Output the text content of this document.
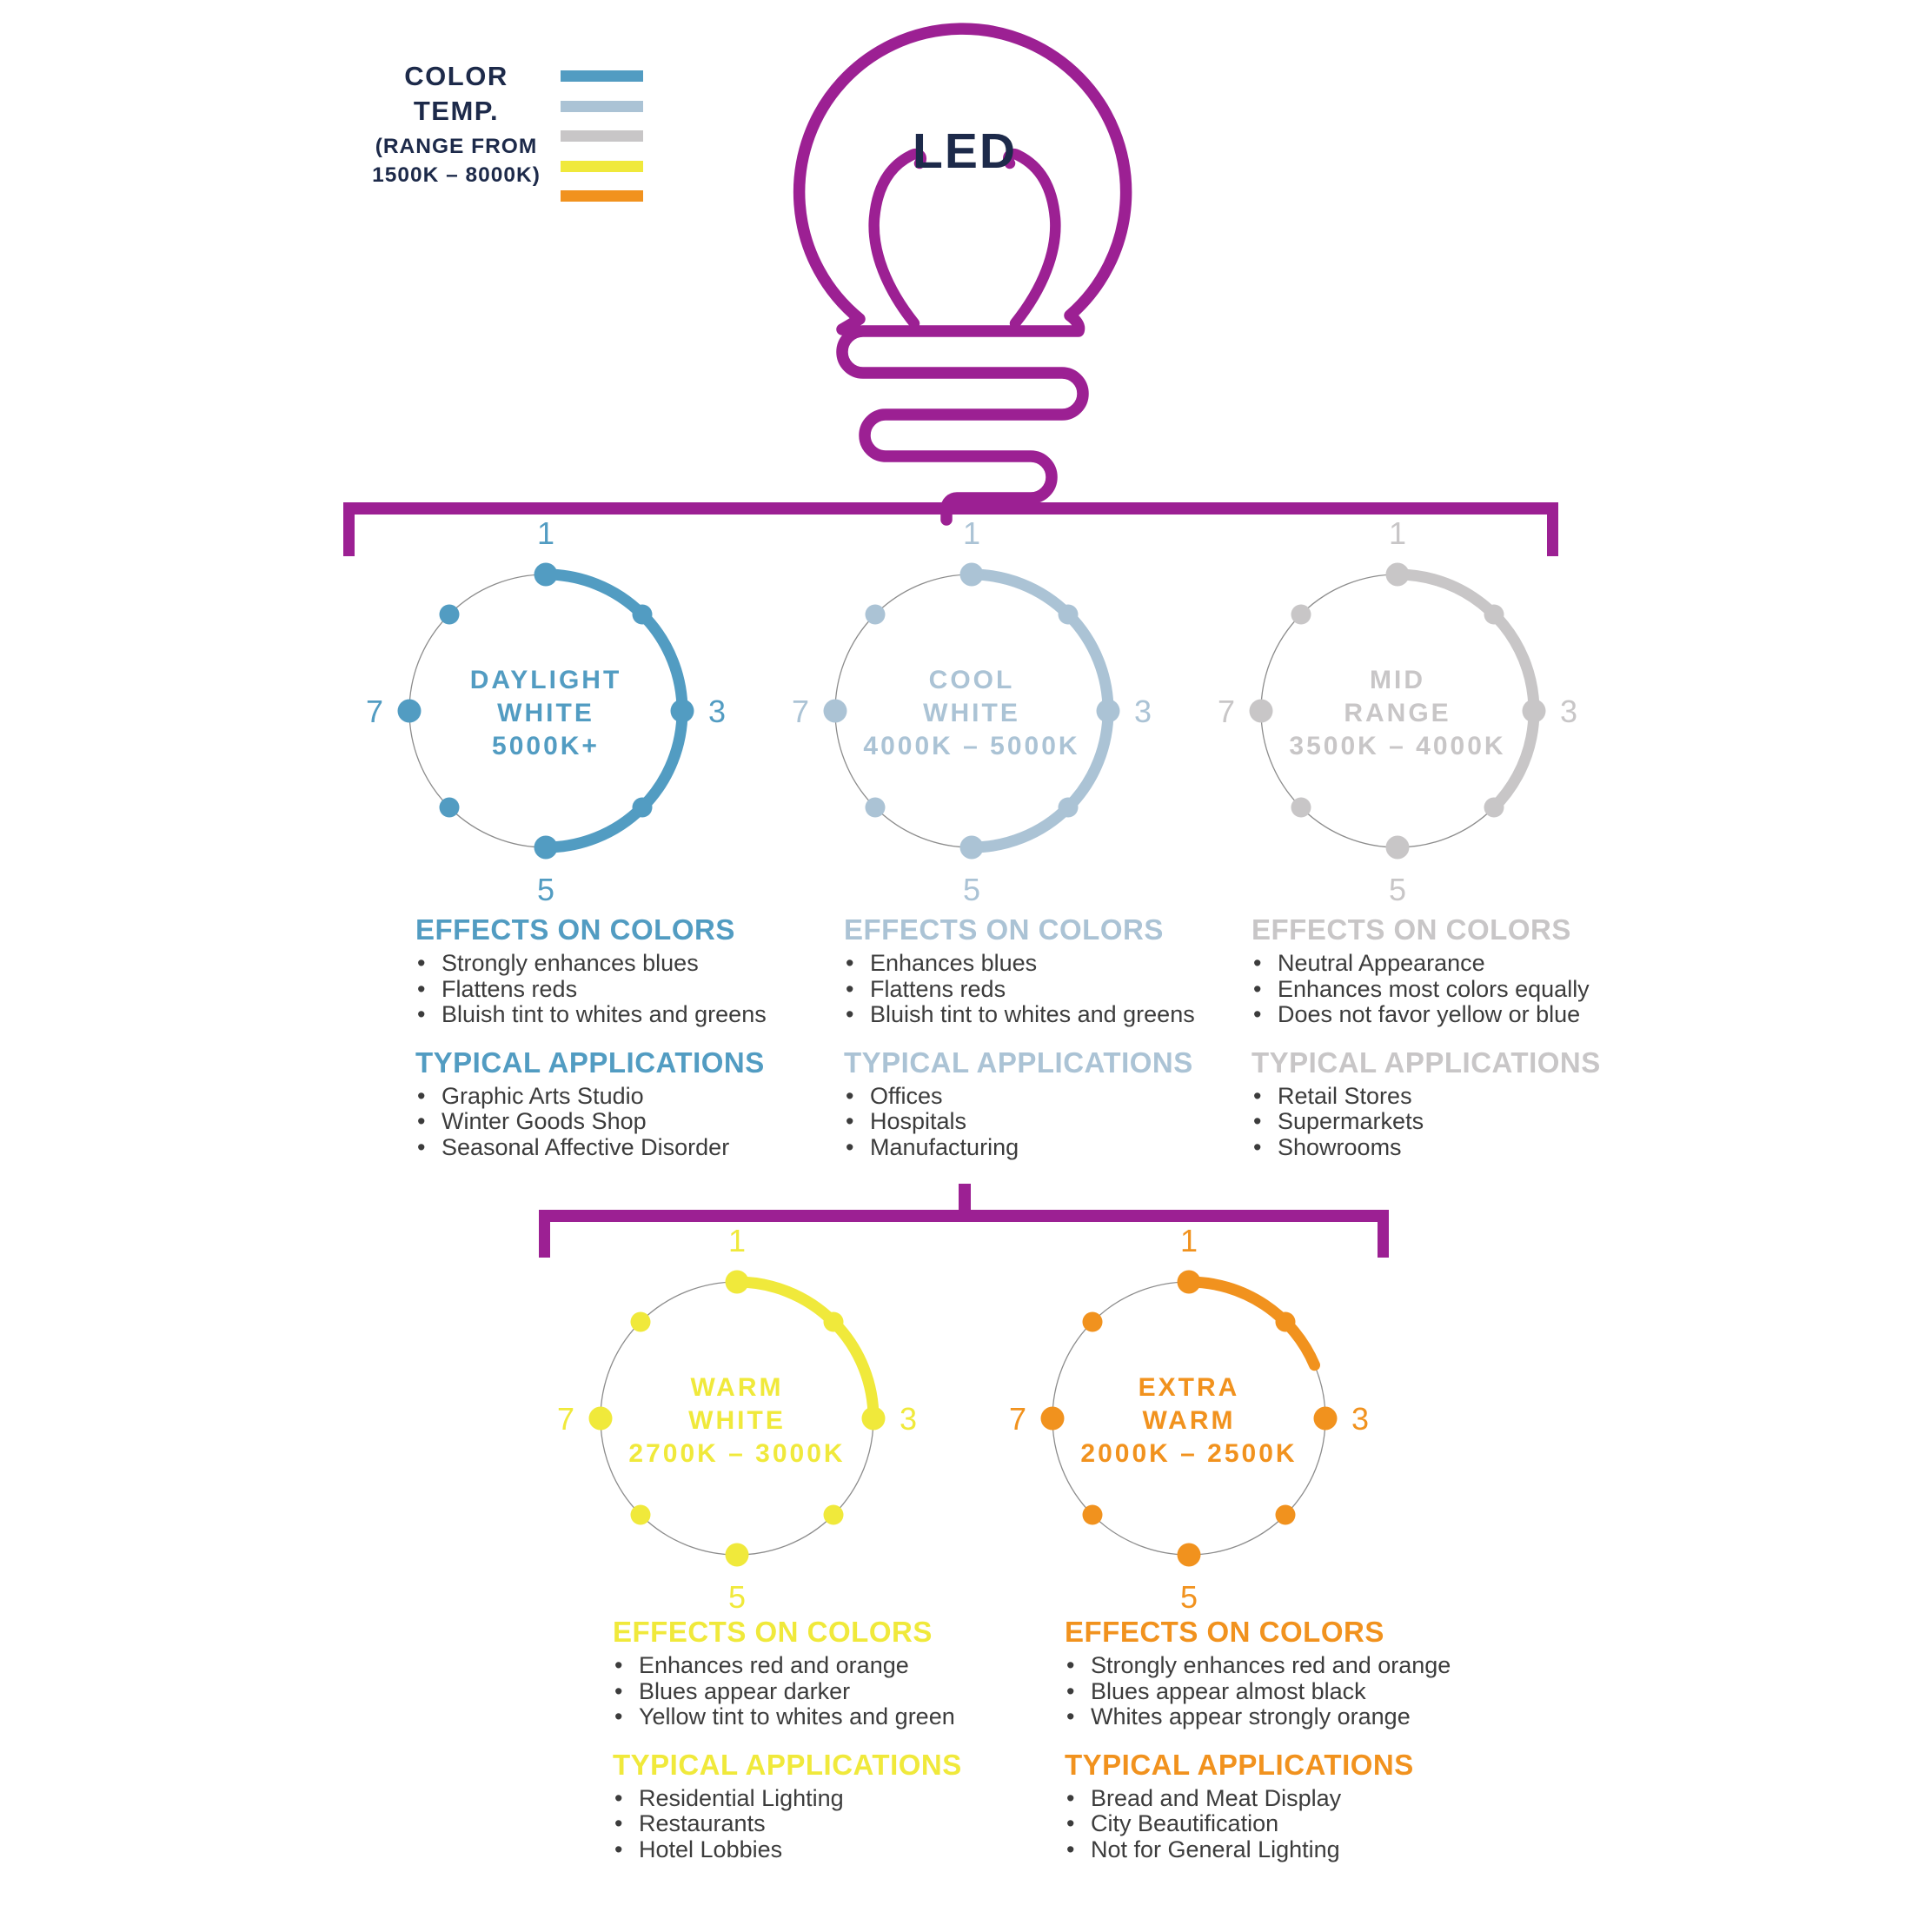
COLOR TEMP.
(RANGE FROM
1500K – 8000K)	LED
1
3
5
7
DAYLIGHT
WHITE
5000K+
1
3
5
7
COOL
WHITE
4000K – 5000K
1
3
5
7
MID
RANGE
3500K – 4000K
1
3
5
7
WARM
WHITE
2700K – 3000K
1
3
5
7
EXTRA
WARM
2000K – 2500K
EFFECTS ON COLORS
• Strongly enhances blues
• Flattens reds
• Bluish tint to whites and greens
TYPICAL APPLICATIONS
• Graphic Arts Studio
• Winter Goods Shop
• Seasonal Affective Disorder
EFFECTS ON COLORS
• Enhances blues
• Flattens reds
• Bluish tint to whites and greens
TYPICAL APPLICATIONS
• Offices
• Hospitals
• Manufacturing
EFFECTS ON COLORS
• Neutral Appearance
• Enhances most colors equally
• Does not favor yellow or blue
TYPICAL APPLICATIONS
• Retail Stores
• Supermarkets
• Showrooms
EFFECTS ON COLORS
• Enhances red and orange
• Blues appear darker
• Yellow tint to whites and green
TYPICAL APPLICATIONS
• Residential Lighting
• Restaurants
• Hotel Lobbies
EFFECTS ON COLORS
• Strongly enhances red and orange
• Blues appear almost black
• Whites appear strongly orange
TYPICAL APPLICATIONS
• Bread and Meat Display
• City Beautification
• Not for General Lighting
